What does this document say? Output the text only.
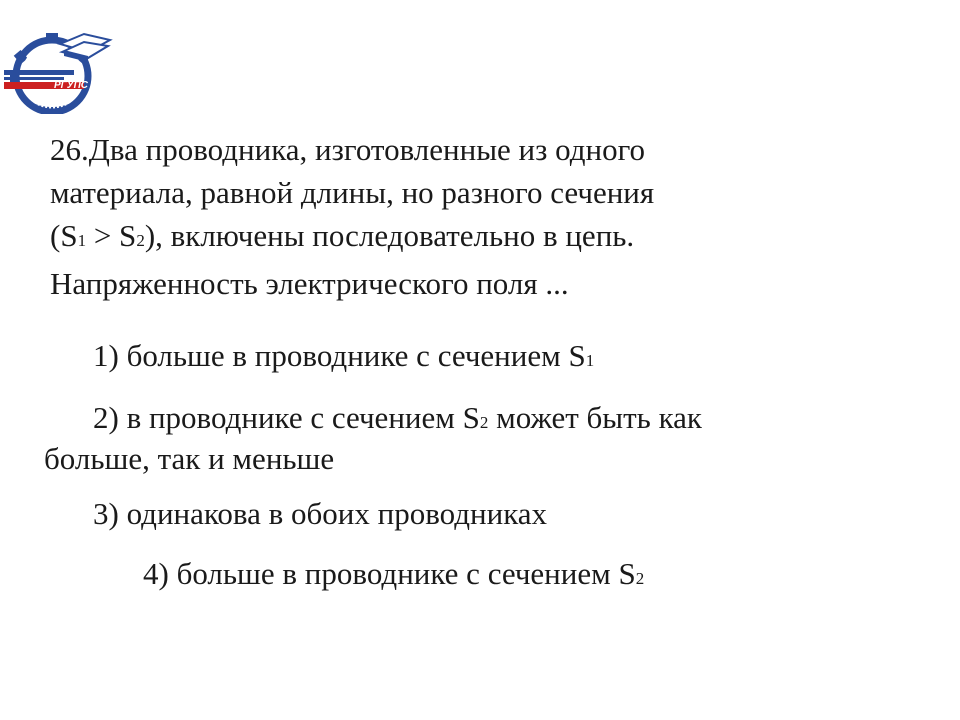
РГУПС
26.Два проводника, изготовленные из одного
материала, равной длины, но разного сечения
(S1 > S2), включены последовательно в цепь.
Напряженность электрического поля ...
1) больше в проводнике с сечением S1
2) в проводнике с сечением S2 может быть как
больше, так и меньше
3) одинакова в обоих проводниках
4) больше в проводнике с сечением S2
